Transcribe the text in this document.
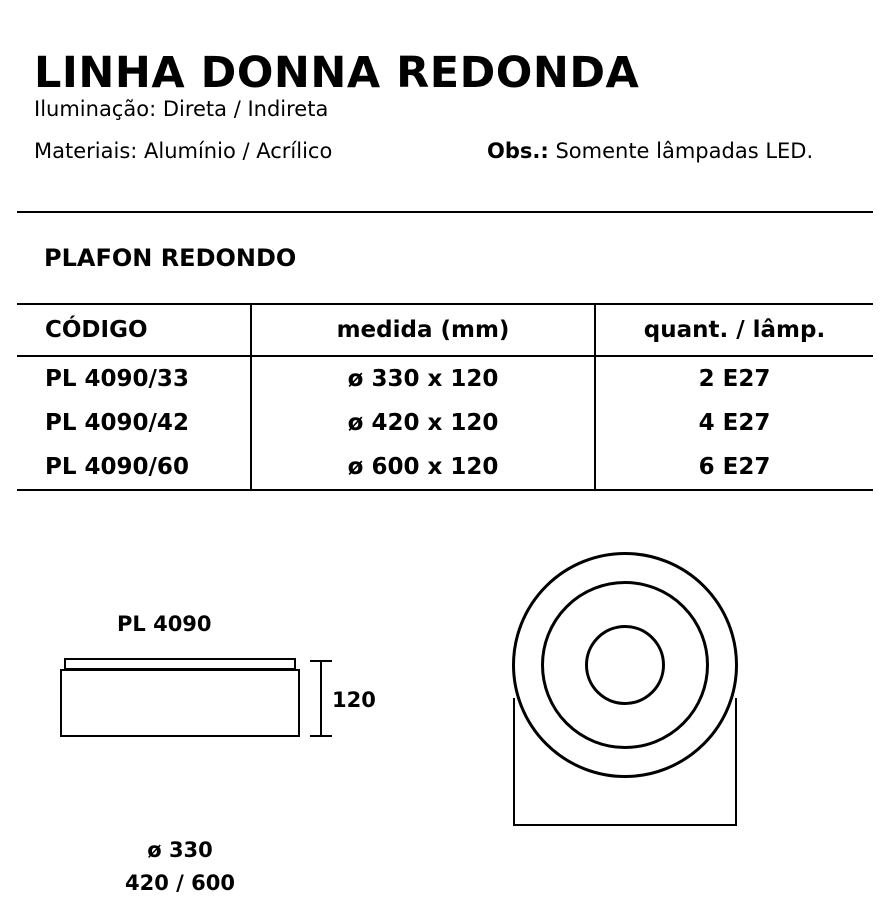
LINHA DONNA REDONDA
Iluminação: Direta / Indireta
Materiais: Alumínio / Acrílico	Obs.: Somente lâmpadas LED.
PLAFON REDONDO
CÓDIGO	medida (mm)	quant. / lâmp.
PL 4090/33	ø 330 x 120	2 E27
PL 4090/42	ø 420 x 120	4 E27
PL 4090/60	ø 600 x 120	6 E27
PL 4090
120
ø 330
420 / 600
